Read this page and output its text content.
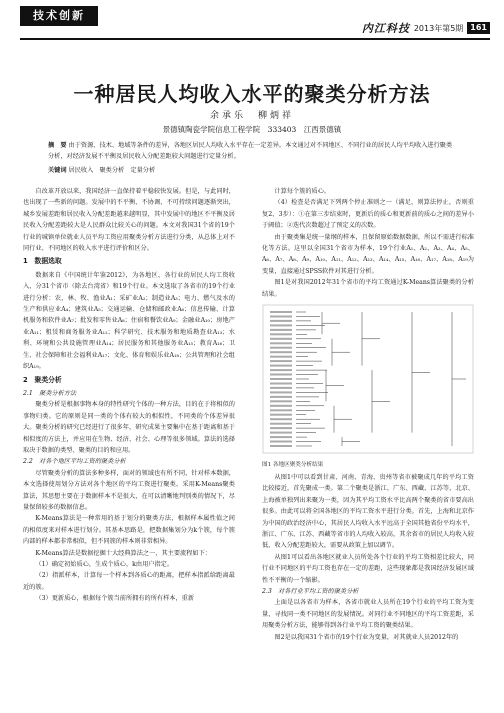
技术创新
内江科技 2013年第5期 161
一种居民人均收入水平的聚类分析方法
余承乐　柳炳祥
景德镇陶瓷学院信息工程学院　333403　江西景德镇
摘　要 由于资源、技术、地域等条件的差异，各地区居民人均收入水平存在一定差异。本文通过对不同地区、不同行业的居民人均平均收入进行聚类分析，对经济发展不平衡及居民收入分配差距较大问题进行定量分析。
关键词 居民收入　聚类分析　定量分析

自改革开放以来，我国经济一直保持着平稳较快发展。但是，与此同时，也出现了一些新的问题。发展中的不平衡、不协调、不可持续问题逐渐突出，城乡发展差距和居民收入分配差距越来越明显，其中发展中的地区不平衡及居民收入分配差距较大是人民群众比较关心的问题。本文对我国31个省的19个行业的城镇单位就业人员平均工资应用聚类分析方法进行分类，从总体上对不同行业、不同地区的收入水平进行评价和区分。

1　数据选取

数据来自《中国统计年鉴2012》，为各地区、各行业的居民人均工资收入，分31个省市（除去台湾省）和19个行业。本文选取了各省市的19个行业进行分析：农、林、牧、渔业A₁；采矿业A₂；制造业A₃；电力、燃气及水的生产和供应业A₄；建筑业A₅；交通运输、仓储和邮政业A₆；信息传输、计算机服务和软件业A₇；批发和零售业A₈；住宿和餐饮业A₉；金融业A₁₀；房地产业A₁₁；租赁和商务服务业A₁₂；科学研究、技术服务和地质勘查业A₁₃；水利、环境和公共设施管理业A₁₄；居民服务和其他服务业A₁₅；教育A₁₆；卫生、社会保障和社会福利业A₁₇；文化、体育和娱乐业A₁₈；公共管理和社会组织A₁₉。

2　聚类分析

2.1　聚类分析方法

聚类分析是根据事物本身的特性研究个体的一种方法，目的在于将相似的事物归类。它的原则是同一类的个体有较大的相似性，不同类的个体差异很大。聚类分析的研究已经进行了很多年，研究成果主要集中在基于距离和基于相似度的方法上，并应用在生物、经济、社会、心理等很多领域。算法的选择取决于数据的类型、聚类的目的和应用。

2.2　对各个地区平均工资的聚类分析

尽管聚类分析的算法多种多样，面对的领域也有所不同，针对样本数据，本文选择使用划分方法对各个地区的平均工资进行聚类。采用K-Means聚类算法，其思想主要在于数据样本不是很大，在可以清晰地判别类的情况下，尽量保留较多的数据信息。

K-Means算法是一种常用的基于划分的聚类方法，根据样本属性值之间的相似度来对样本进行划分。其基本思路是，把数据集划分为k个簇，每个簇内部的样本都非常相似，但不同簇的样本则非常相异。

K-Means算法是数据挖掘十大经典算法之一，其主要流程如下：

（1）确定初始质心，生成个质心，k由用户指定。

（2）指派样本，计算每一个样本到各质心的距离，把样本指派给距离最近的簇。

（3）更新质心，根据每个簇当前所拥有的所有样本，重新

计算每个簇的质心。

（4）检查是否满足下列两个停止准则之一（满足，则算法停止，否则重复2、3步）：①在第三步结束时，更新后的质心和更新前的质心之间的差异小于阈值；②迭代次数超过了预定义的次数。

由于聚类集是统一量纲的样本，且保留原始数据数据，所以不需进行标准化等方法。这里以全国31个省市为样本，19个行业A₁、A₂、A₃、A₄、A₅、A₆、A₇、A₈、A₉、A₁₀、A₁₁、A₁₂、A₁₃、A₁₄、A₁₅、A₁₆、A₁₇、A₁₈、A₁₉为变量，直接通过SPSS软件对其进行分析。

图1是对我国2012年31个省市的平均工资通过K-Means算法聚类的分析结果。

图1 各地区聚类分析结果

从图1中可以看到甘肃、河南、青海、贵州等省市被聚成几年的平均工资比较接近，首先聚成一类。第二个聚类是浙江、广东、西藏、江苏等，北京、上海被单独列出来聚为一类，因为其平均工资水平比高两个聚类的省市要高出很多。由此可以将全国各地区的平均工资水平进行分类。首先，上海和北京作为中国的政治经济中心，其居民人均收入水平远高于全国其他省份平均水平，浙江、广东、江苏、西藏等省市的人均收入较高，其余省市的居民人均收入较低，收入分配差距较大，需要从政策上加以调节。

从图1可以看出各地区就业人员所处各个行业的平均工资相差比较大，同行业不同地区的平均工资也存在一定的差距，这些现象都是我国经济发展区域性不平衡的一个缩影。

2.3　对各行业平均工资的聚类分析

上面是以各省市为样本，各省市就业人员所在19个行业的平均工资为变量，寻找同一类不同地区的发展情况。对同行业不同地区的平均工资差距，采用聚类分析方法，能够得到各行业平均工资的聚类结果。

图2是以我国31个省市的19个行业为变量，对其就业人员2012年的
